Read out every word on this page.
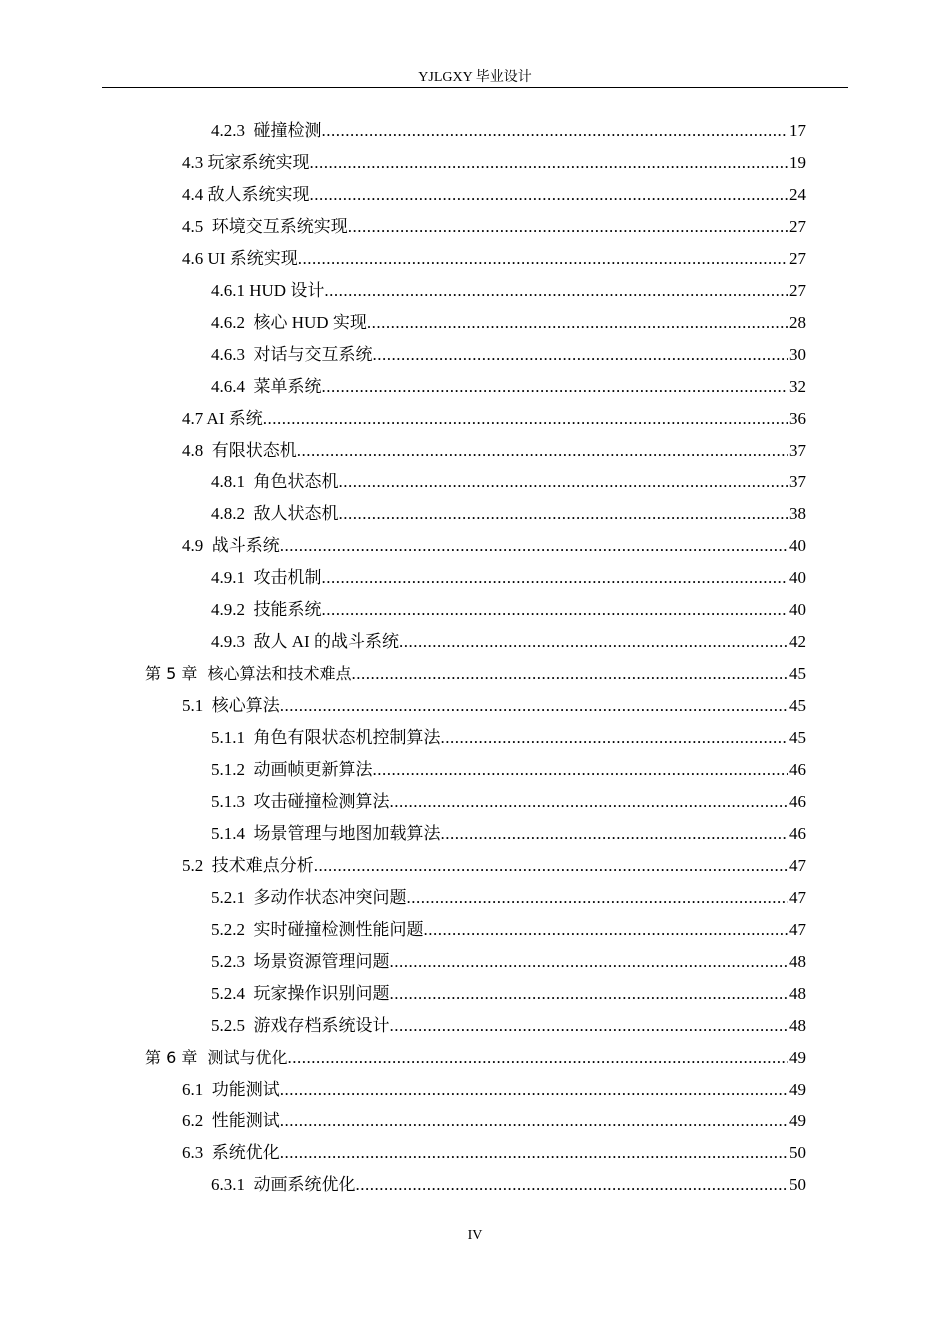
YJLGXY 毕业设计
4.2.3  碰撞检测 .....	17
4.3 玩家系统实现 .....	19
4.4 敌人系统实现 .....	24
4.5  环境交互系统实现 .....	27
4.6 UI 系统实现 .....	27
4.6.1 HUD 设计 .....	27
4.6.2  核心 HUD 实现 .....	28
4.6.3  对话与交互系统 .....	30
4.6.4  菜单系统 .....	32
4.7 AI 系统 .....	36
4.8  有限状态机 .....	37
4.8.1  角色状态机 .....	37
4.8.2  敌人状态机 .....	38
4.9  战斗系统 .....	40
4.9.1  攻击机制 .....	40
4.9.2  技能系统 .....	40
4.9.3  敌人 AI 的战斗系统 .....	42
第 5 章  核心算法和技术难点 .....	45
5.1  核心算法 .....	45
5.1.1  角色有限状态机控制算法 .....	45
5.1.2  动画帧更新算法 .....	46
5.1.3  攻击碰撞检测算法 .....	46
5.1.4  场景管理与地图加载算法 .....	46
5.2  技术难点分析 .....	47
5.2.1  多动作状态冲突问题 .....	47
5.2.2  实时碰撞检测性能问题 .....	47
5.2.3  场景资源管理问题 .....	48
5.2.4  玩家操作识别问题 .....	48
5.2.5  游戏存档系统设计 .....	48
第 6 章  测试与优化 .....	49
6.1  功能测试 .....	49
6.2  性能测试 .....	49
6.3  系统优化 .....	50
6.3.1  动画系统优化 .....	50
IV
